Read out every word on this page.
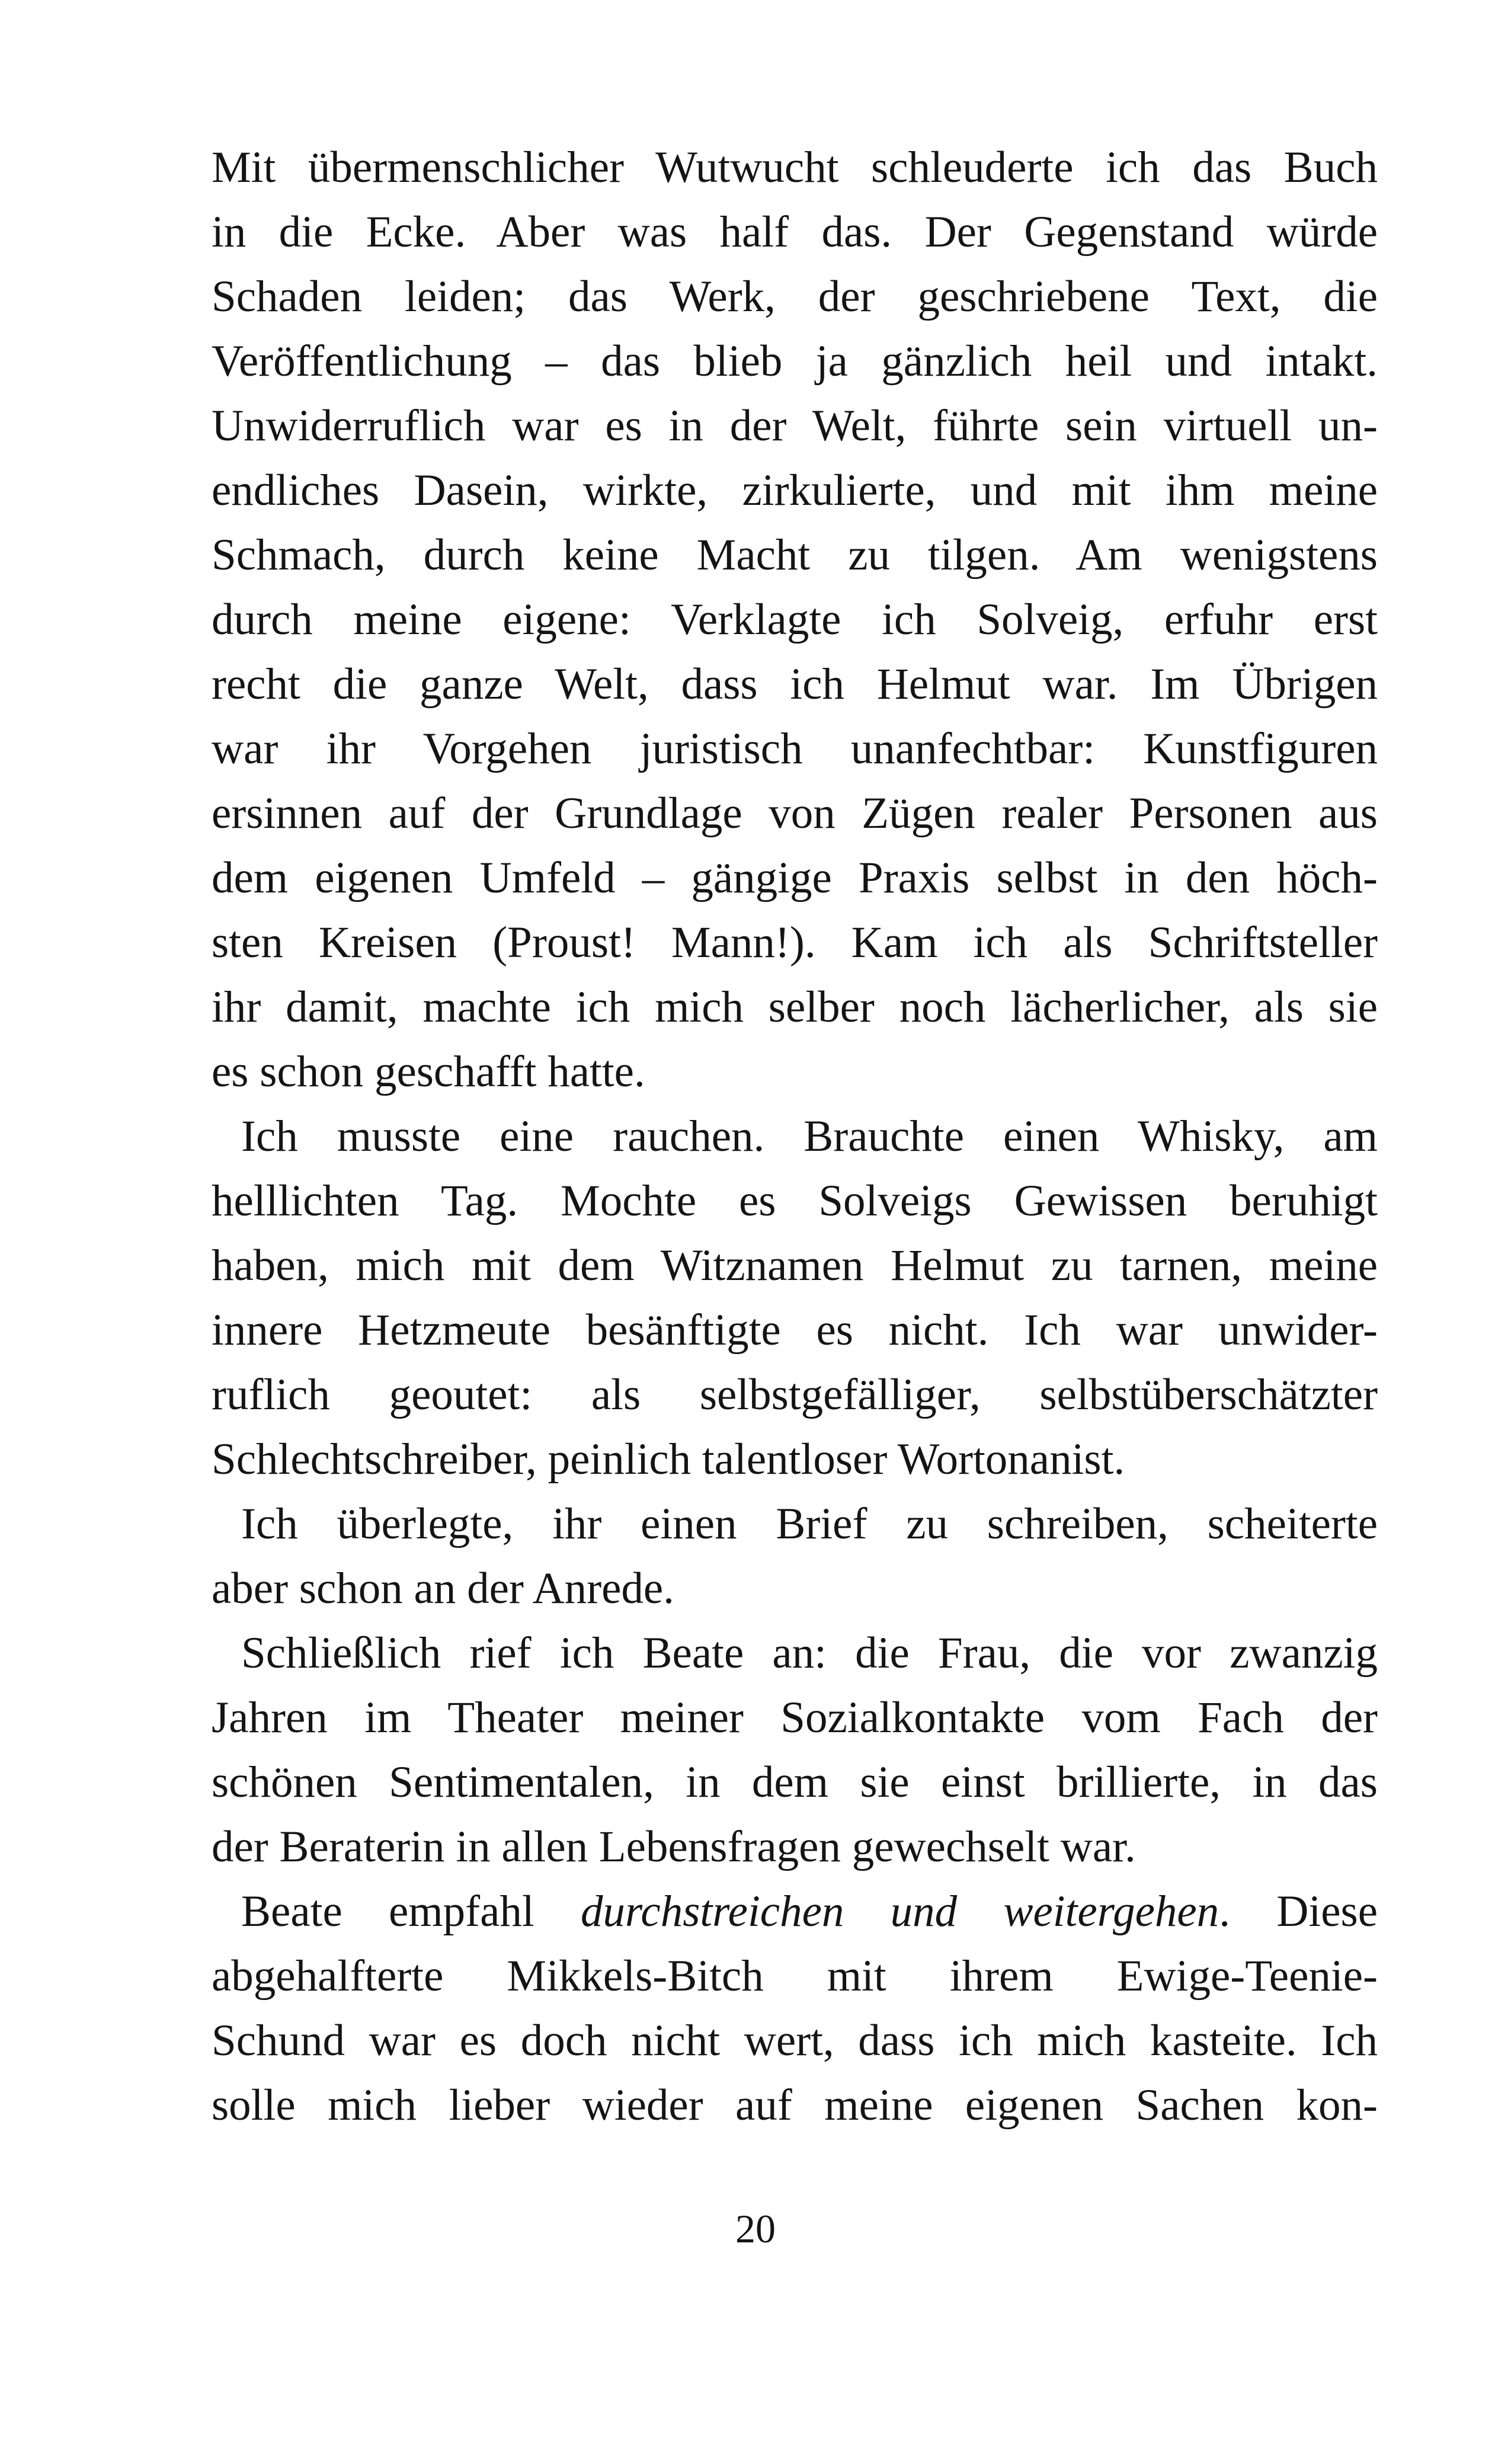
Mit übermenschlicher Wutwucht schleuderte ich das Buch
in die Ecke. Aber was half das. Der Gegenstand würde
Schaden leiden; das Werk, der geschriebene Text, die
Veröffentlichung – das blieb ja gänzlich heil und intakt.
Unwiderruflich war es in der Welt, führte sein virtuell un-
endliches Dasein, wirkte, zirkulierte, und mit ihm meine
Schmach, durch keine Macht zu tilgen. Am wenigstens
durch meine eigene: Verklagte ich Solveig, erfuhr erst
recht die ganze Welt, dass ich Helmut war. Im Übrigen
war ihr Vorgehen juristisch unanfechtbar: Kunstfiguren
ersinnen auf der Grundlage von Zügen realer Personen aus
dem eigenen Umfeld – gängige Praxis selbst in den höch-
sten Kreisen (Proust! Mann!). Kam ich als Schriftsteller
ihr damit, machte ich mich selber noch lächerlicher, als sie
es schon geschafft hatte.
Ich musste eine rauchen. Brauchte einen Whisky, am
helllichten Tag. Mochte es Solveigs Gewissen beruhigt
haben, mich mit dem Witznamen Helmut zu tarnen, meine
innere Hetzmeute besänftigte es nicht. Ich war unwider-
ruflich geoutet: als selbstgefälliger, selbstüberschätzter
Schlechtschreiber, peinlich talentloser Wortonanist.
Ich überlegte, ihr einen Brief zu schreiben, scheiterte
aber schon an der Anrede.
Schließlich rief ich Beate an: die Frau, die vor zwanzig
Jahren im Theater meiner Sozialkontakte vom Fach der
schönen Sentimentalen, in dem sie einst brillierte, in das
der Beraterin in allen Lebensfragen gewechselt war.
Beate empfahl durchstreichen und weitergehen. Diese
abgehalfterte Mikkels-Bitch mit ihrem Ewige-Teenie-
Schund war es doch nicht wert, dass ich mich kasteite. Ich
solle mich lieber wieder auf meine eigenen Sachen kon-
20
